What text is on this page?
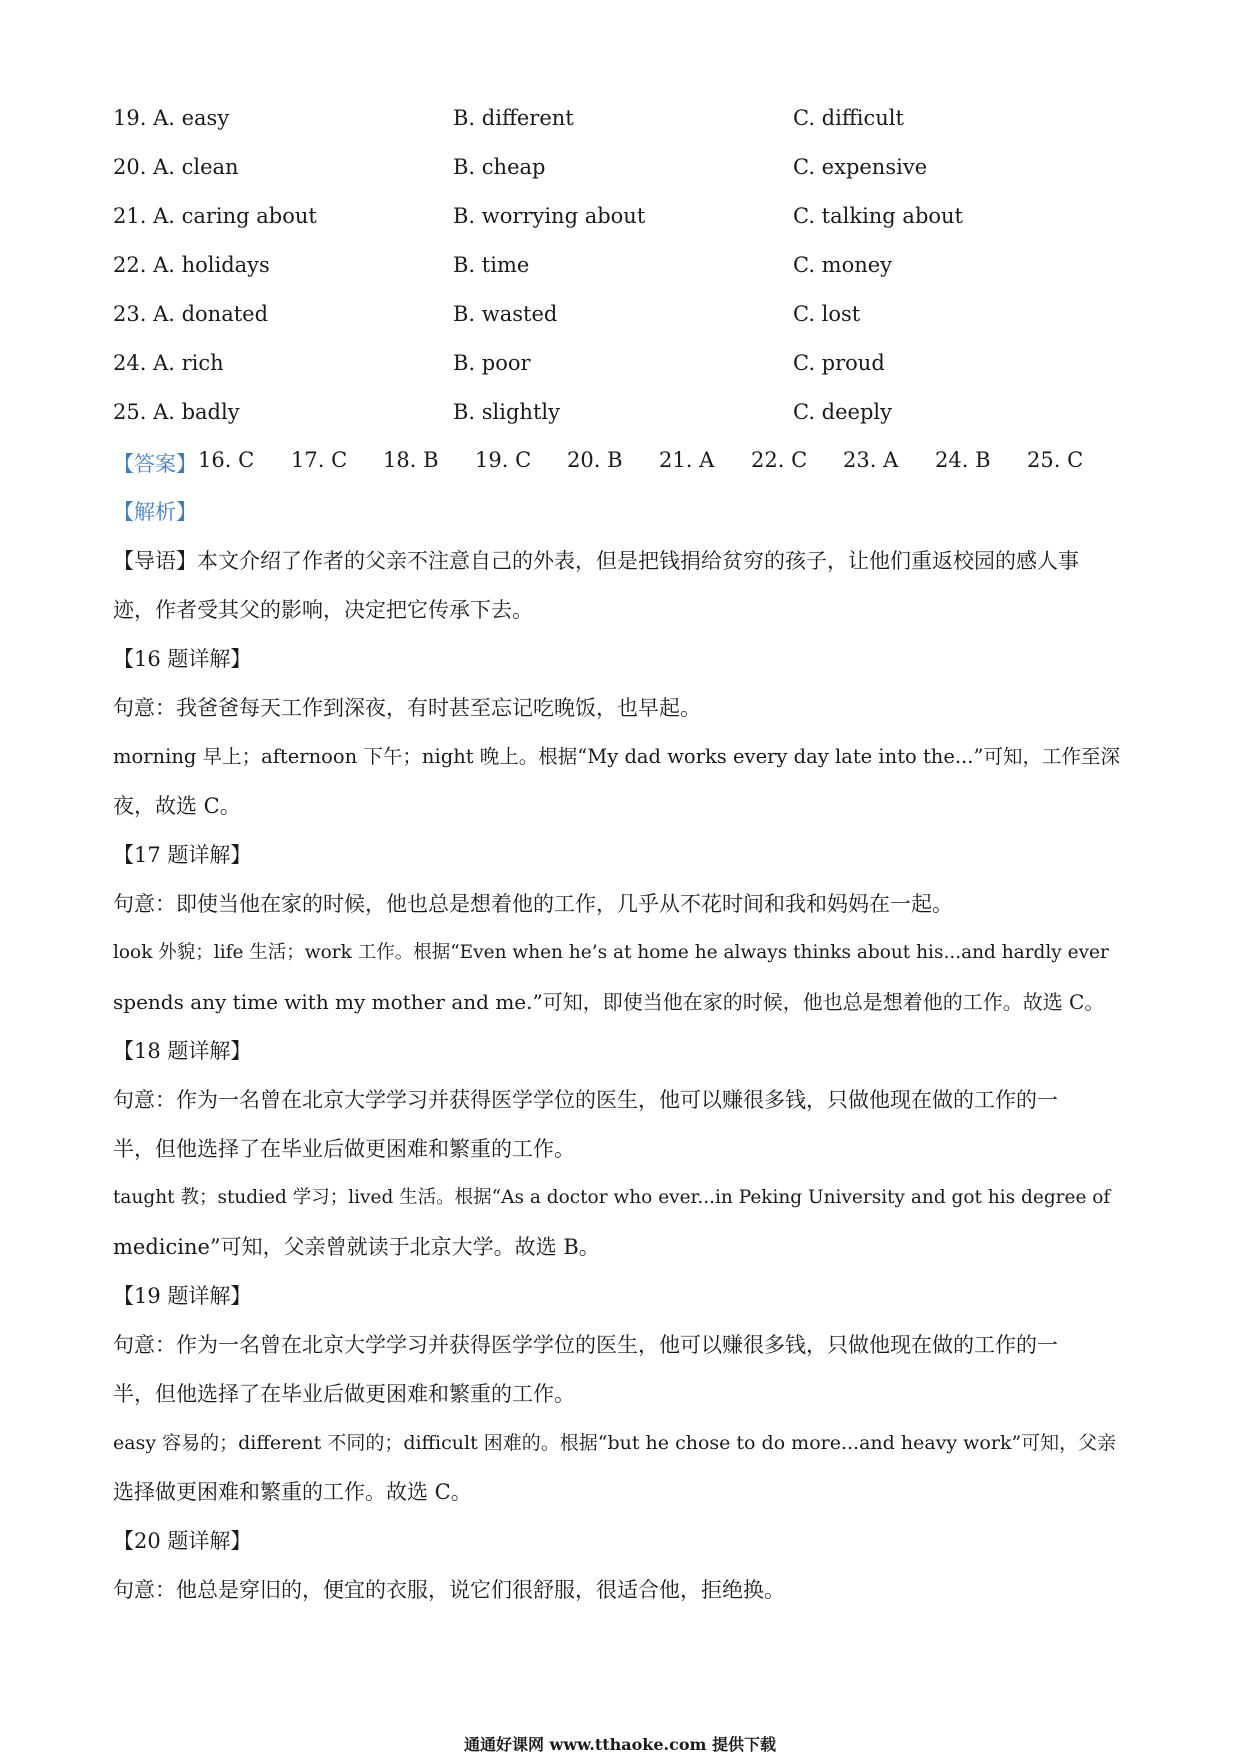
19. A. easy	B. different	C. difficult
20. A. clean	B. cheap	C. expensive
21. A. caring about	B. worrying about	C. talking about
22. A. holidays	B. time	C. money
23. A. donated	B. wasted	C. lost
24. A. rich	B. poor	C. proud
25. A. badly	B. slightly	C. deeply
【答案】 16. C 17. C 18. B 19. C 20. B 21. A 22. C 23. A 24. B 25. C
【解析】
【导语】本文介绍了作者的父亲不注意自己的外表，但是把钱捐给贫穷的孩子，让他们重返校园的感人事
迹，作者受其父的影响，决定把它传承下去。
【16 题详解】
句意：我爸爸每天工作到深夜，有时甚至忘记吃晚饭，也早起。
morning 早上；afternoon 下午；night 晚上。根据“My dad works every day late into the...”可知，工作至深
夜，故选 C。
【17 题详解】
句意：即使当他在家的时候，他也总是想着他的工作，几乎从不花时间和我和妈妈在一起。
look 外貌；life 生活；work 工作。根据“Even when he’s at home he always thinks about his...and hardly ever
spends any time with my mother and me.”可知，即使当他在家的时候，他也总是想着他的工作。故选 C。
【18 题详解】
句意：作为一名曾在北京大学学习并获得医学学位的医生，他可以赚很多钱，只做他现在做的工作的一
半，但他选择了在毕业后做更困难和繁重的工作。
taught 教；studied 学习；lived 生活。根据“As a doctor who ever...in Peking University and got his degree of
medicine”可知，父亲曾就读于北京大学。故选 B。
【19 题详解】
句意：作为一名曾在北京大学学习并获得医学学位的医生，他可以赚很多钱，只做他现在做的工作的一
半，但他选择了在毕业后做更困难和繁重的工作。
easy 容易的；different 不同的；difficult 困难的。根据“but he chose to do more...and heavy work”可知，父亲
选择做更困难和繁重的工作。故选 C。
【20 题详解】
句意：他总是穿旧的，便宜的衣服，说它们很舒服，很适合他，拒绝换。
通通好课网 www.tthaoke.com 提供下载
